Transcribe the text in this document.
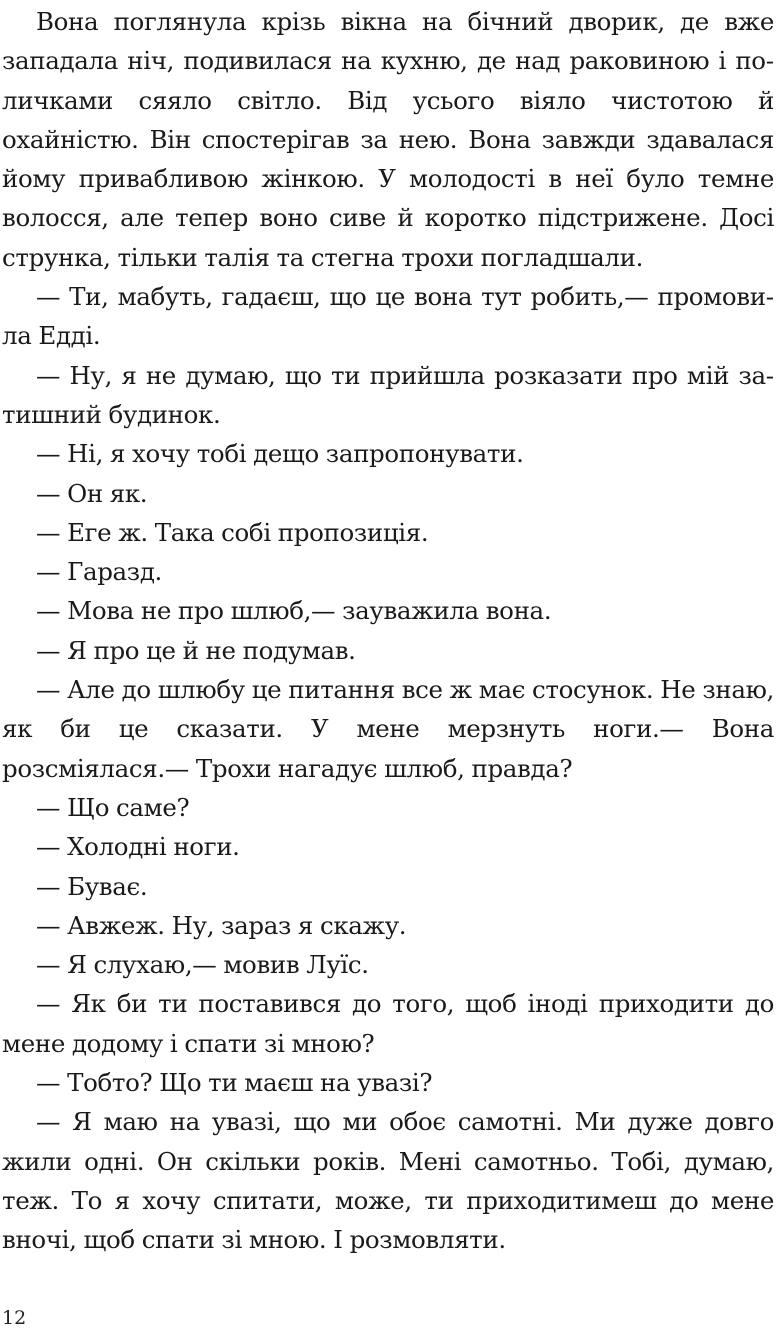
Вона поглянула крізь вікна на бічний дворик, де вже западала ніч, подивилася на кухню, де над раковиною і поличками сяяло світло. Від усього віяло чистотою й охайністю. Він спостерігав за нею. Вона завжди здавалася йому привабливою жінкою. У молодості в неї було темне волосся, але тепер воно сиве й коротко підстрижене. Досі струнка, тільки талія та стегна трохи погладшали.

— Ти, мабуть, гадаєш, що це вона тут робить,— промовила Едді.

— Ну, я не думаю, що ти прийшла розказати про мій затишний будинок.

— Ні, я хочу тобі дещо запропонувати.

— Он як.

— Еге ж. Така собі пропозиція.

— Гаразд.

— Мова не про шлюб,— зауважила вона.

— Я про це й не подумав.

— Але до шлюбу це питання все ж має стосунок. Не знаю, як би це сказати. У мене мерзнуть ноги.— Вона розсміялася.— Трохи нагадує шлюб, правда?

— Що саме?

— Холодні ноги.

— Буває.

— Авжеж. Ну, зараз я скажу.

— Я слухаю,— мовив Луїс.

— Як би ти поставився до того, щоб іноді приходити до мене додому і спати зі мною?

— Тобто? Що ти маєш на увазі?

— Я маю на увазі, що ми обоє самотні. Ми дуже довго жили одні. Он скільки років. Мені самотньо. Тобі, думаю, теж. То я хочу спитати, може, ти приходитимеш до мене вночі, щоб спати зі мною. І розмовляти.

12
